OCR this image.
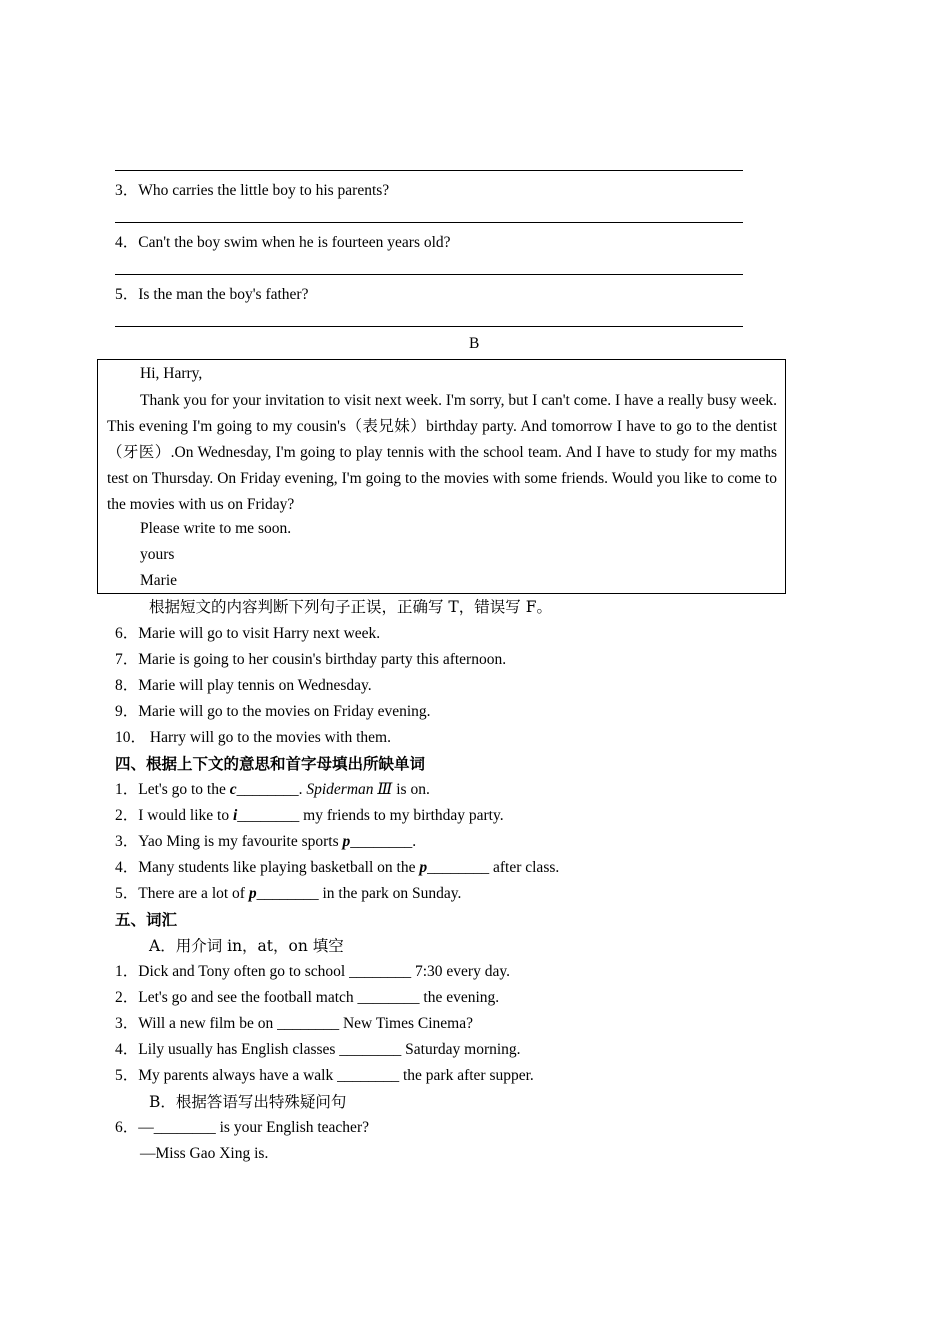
3．Who carries the little boy to his parents?
4．Can't the boy swim when he is fourteen years old?
5．Is the man the boy's father?
B
Hi, Harry,
Thank you for your invitation to visit next week. I'm sorry, but I can't come. I have a really busy week. This evening I'm going to my cousin's（表兄妹）birthday party. And tomorrow I have to go to the dentist（牙医）.On Wednesday, I'm going to play tennis with the school team. And I have to study for my maths test on Thursday. On Friday evening, I'm going to the movies with some friends. Would you like to come to the movies with us on Friday?
Please write to me soon.
yours
Marie
根据短文的内容判断下列句子正误，正确写 T，错误写 F。
6．Marie will go to visit Harry next week.
7．Marie is going to her cousin's birthday party this afternoon.
8．Marie will play tennis on Wednesday.
9．Marie will go to the movies on Friday evening.
10． Harry will go to the movies with them.
四、根据上下文的意思和首字母填出所缺单词
1．Let's go to the c________. Spiderman Ⅲ is on.
2．I would like to i________ my friends to my birthday party.
3．Yao Ming is my favourite sports p________.
4．Many students like playing basketball on the p________ after class.
5．There are a lot of p________ in the park on Sunday.
五、词汇
A．用介词 in，at，on 填空
1．Dick and Tony often go to school ________ 7:30 every day.
2．Let's go and see the football match ________ the evening.
3．Will a new film be on ________ New Times Cinema?
4．Lily usually has English classes ________ Saturday morning.
5．My parents always have a walk ________ the park after supper.
B．根据答语写出特殊疑问句
6．—________ is your English teacher?
—Miss Gao Xing is.
